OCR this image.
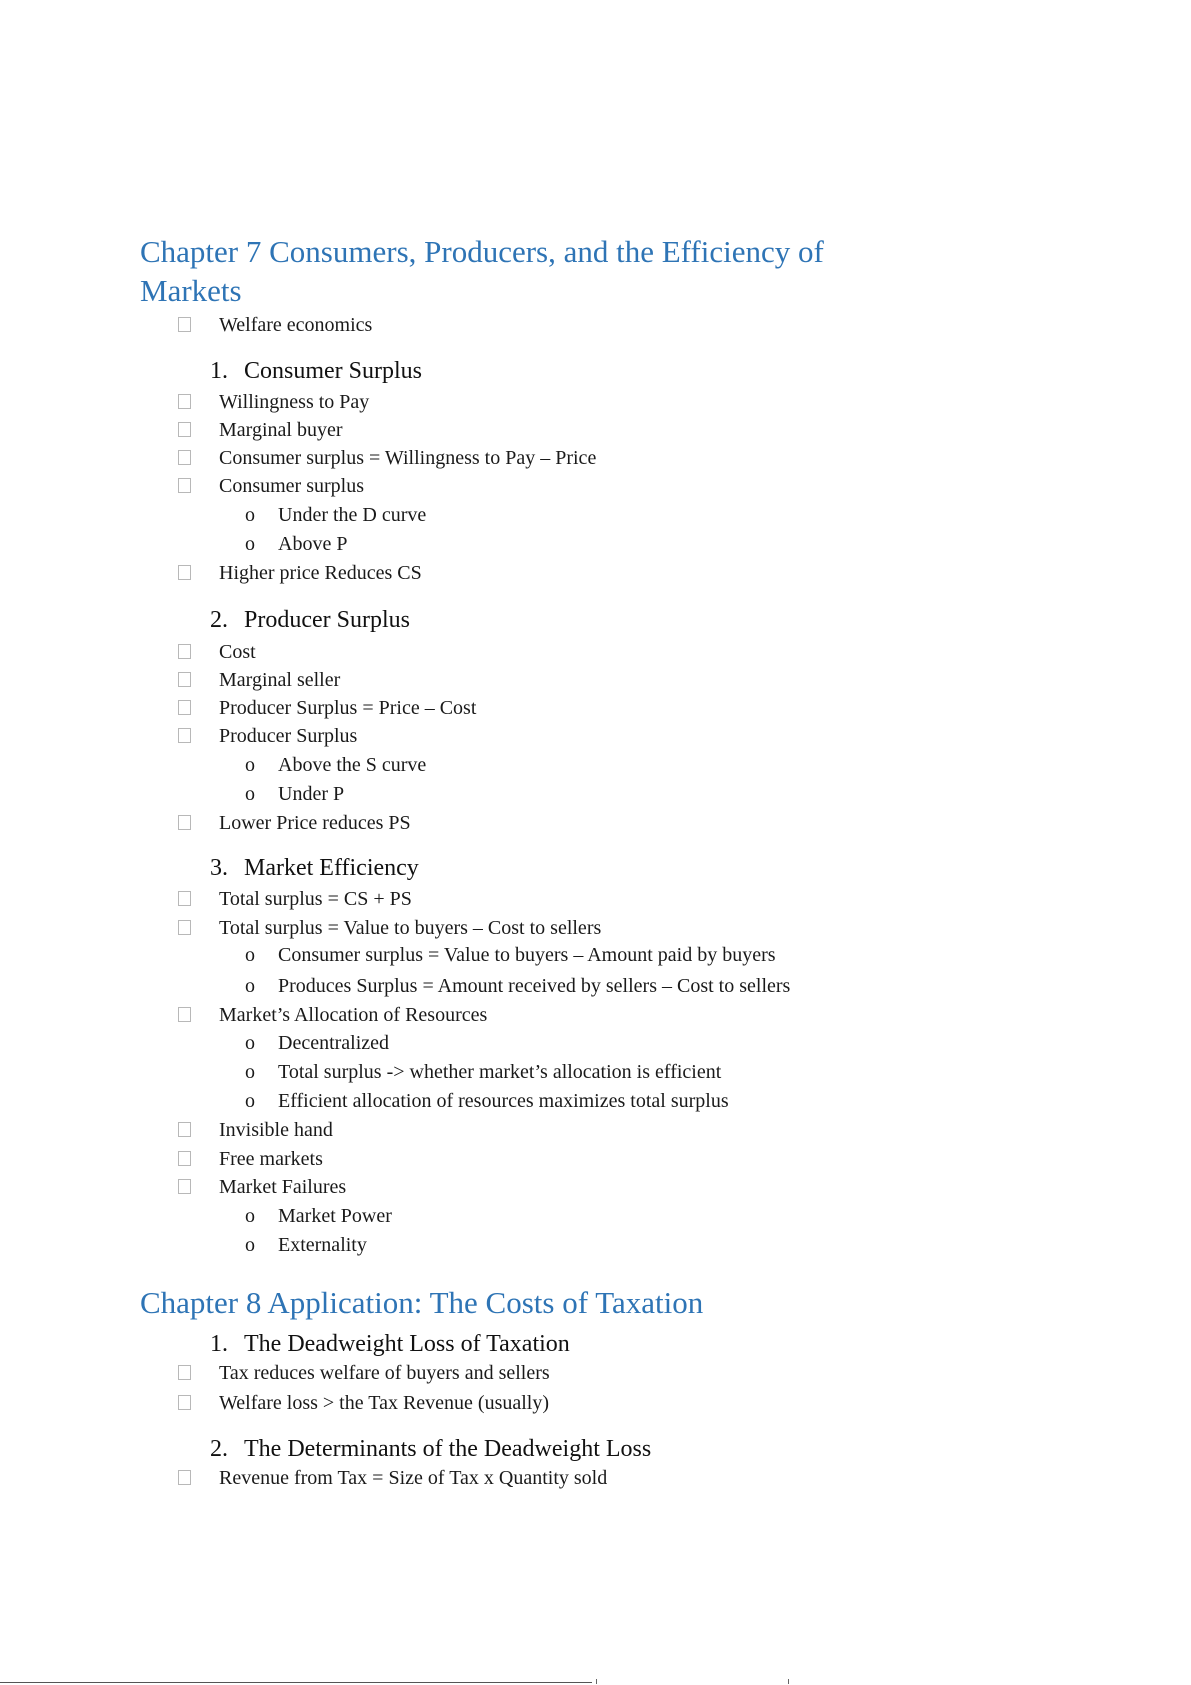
Chapter 7 Consumers, Producers, and the Efficiency of Markets
Welfare economics
1. Consumer Surplus
Willingness to Pay
Marginal buyer
Consumer surplus = Willingness to Pay – Price
Consumer surplus
o Under the D curve
o Above P
Higher price Reduces CS
2. Producer Surplus
Cost
Marginal seller
Producer Surplus = Price – Cost
Producer Surplus
o Above the S curve
o Under P
Lower Price reduces PS
3. Market Efficiency
Total surplus = CS + PS
Total surplus = Value to buyers – Cost to sellers
o Consumer surplus = Value to buyers – Amount paid by buyers
o Produces Surplus = Amount received by sellers – Cost to sellers
Market’s Allocation of Resources
o Decentralized
o Total surplus -> whether market’s allocation is efficient
o Efficient allocation of resources maximizes total surplus
Invisible hand
Free markets
Market Failures
o Market Power
o Externality
Chapter 8 Application: The Costs of Taxation
1. The Deadweight Loss of Taxation
Tax reduces welfare of buyers and sellers
Welfare loss > the Tax Revenue (usually)
2. The Determinants of the Deadweight Loss
Revenue from Tax = Size of Tax x Quantity sold
